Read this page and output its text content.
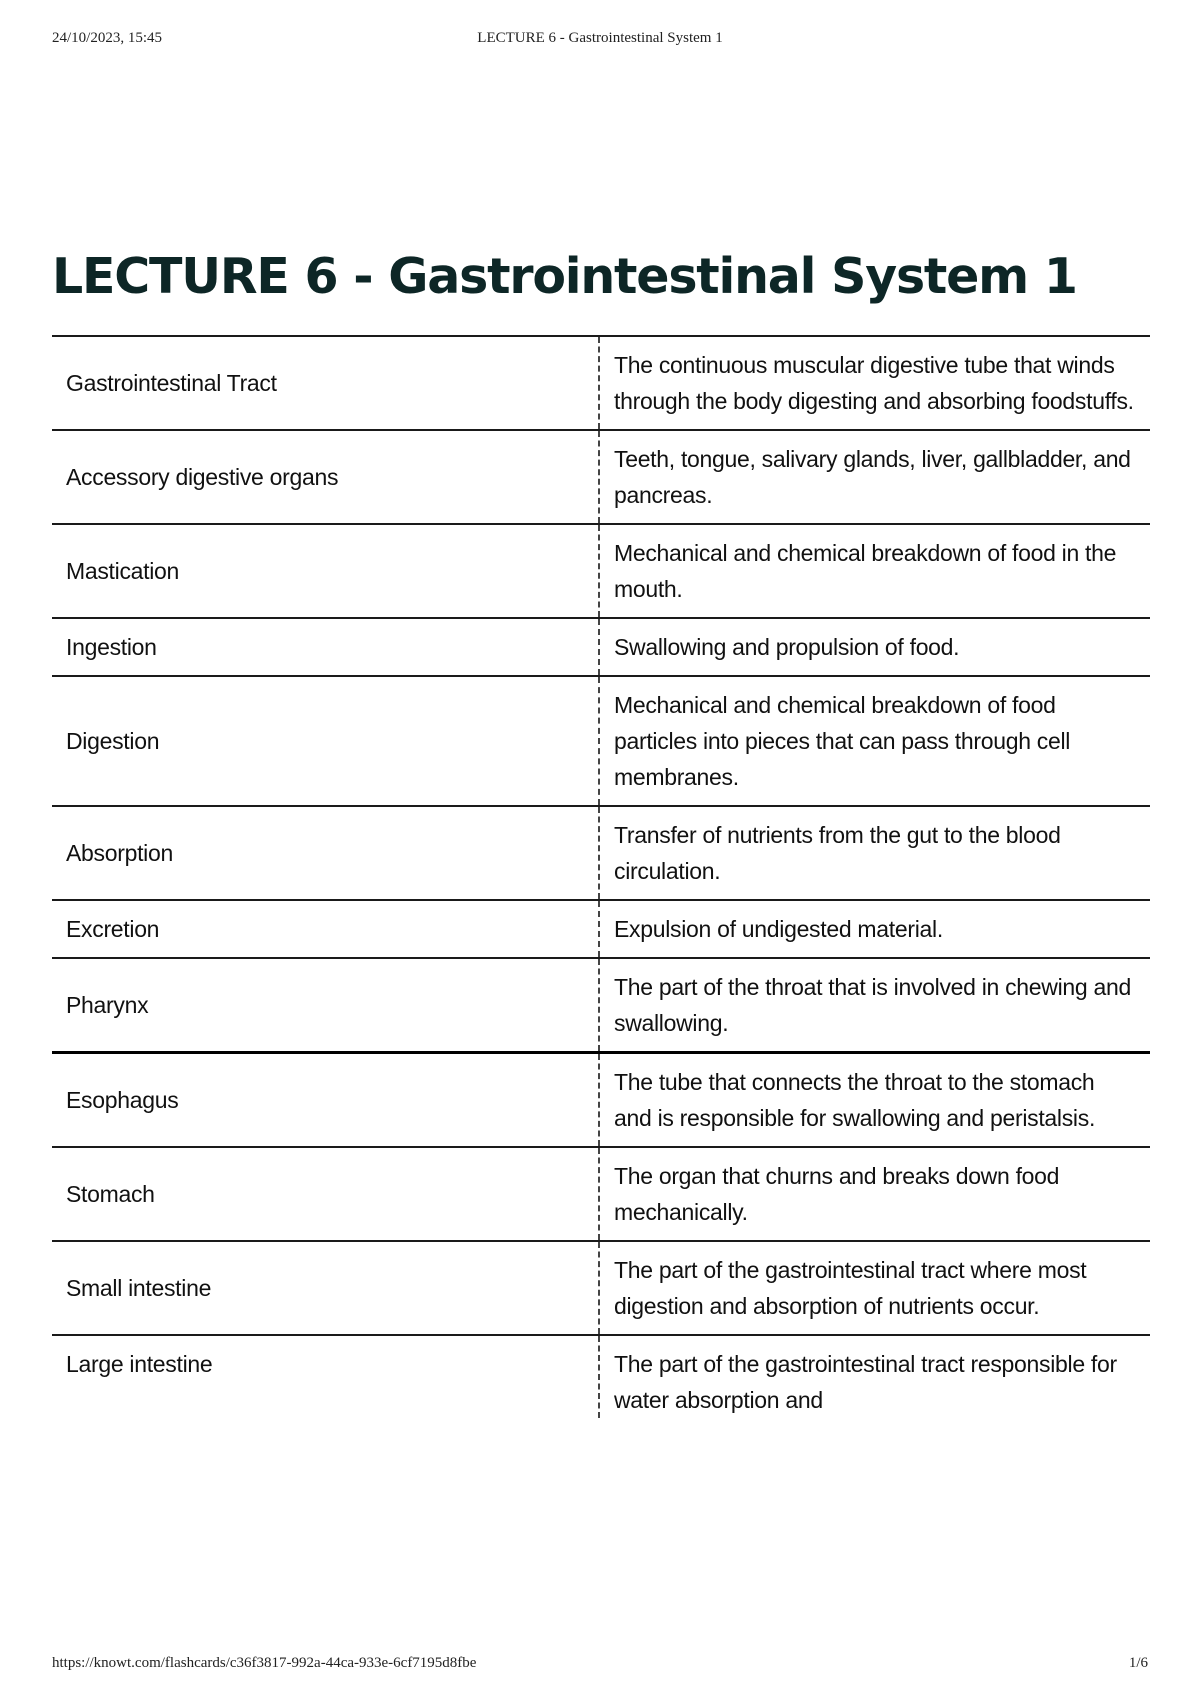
24/10/2023, 15:45	LECTURE 6 - Gastrointestinal System 1
LECTURE 6 - Gastrointestinal System 1
Gastrointestinal Tract	The continuous muscular digestive tube that winds through the body digesting and absorbing foodstuffs.
Accessory digestive organs	Teeth, tongue, salivary glands, liver, gallbladder, and pancreas.
Mastication	Mechanical and chemical breakdown of food in the mouth.
Ingestion	Swallowing and propulsion of food.
Digestion	Mechanical and chemical breakdown of food particles into pieces that can pass through cell membranes.
Absorption	Transfer of nutrients from the gut to the blood circulation.
Excretion	Expulsion of undigested material.
Pharynx	The part of the throat that is involved in chewing and swallowing.
Esophagus	The tube that connects the throat to the stomach and is responsible for swallowing and peristalsis.
Stomach	The organ that churns and breaks down food mechanically.
Small intestine	The part of the gastrointestinal tract where most digestion and absorption of nutrients occur.
Large intestine	The part of the gastrointestinal tract responsible for water absorption and
https://knowt.com/flashcards/c36f3817-992a-44ca-933e-6cf7195d8fbe	1/6
